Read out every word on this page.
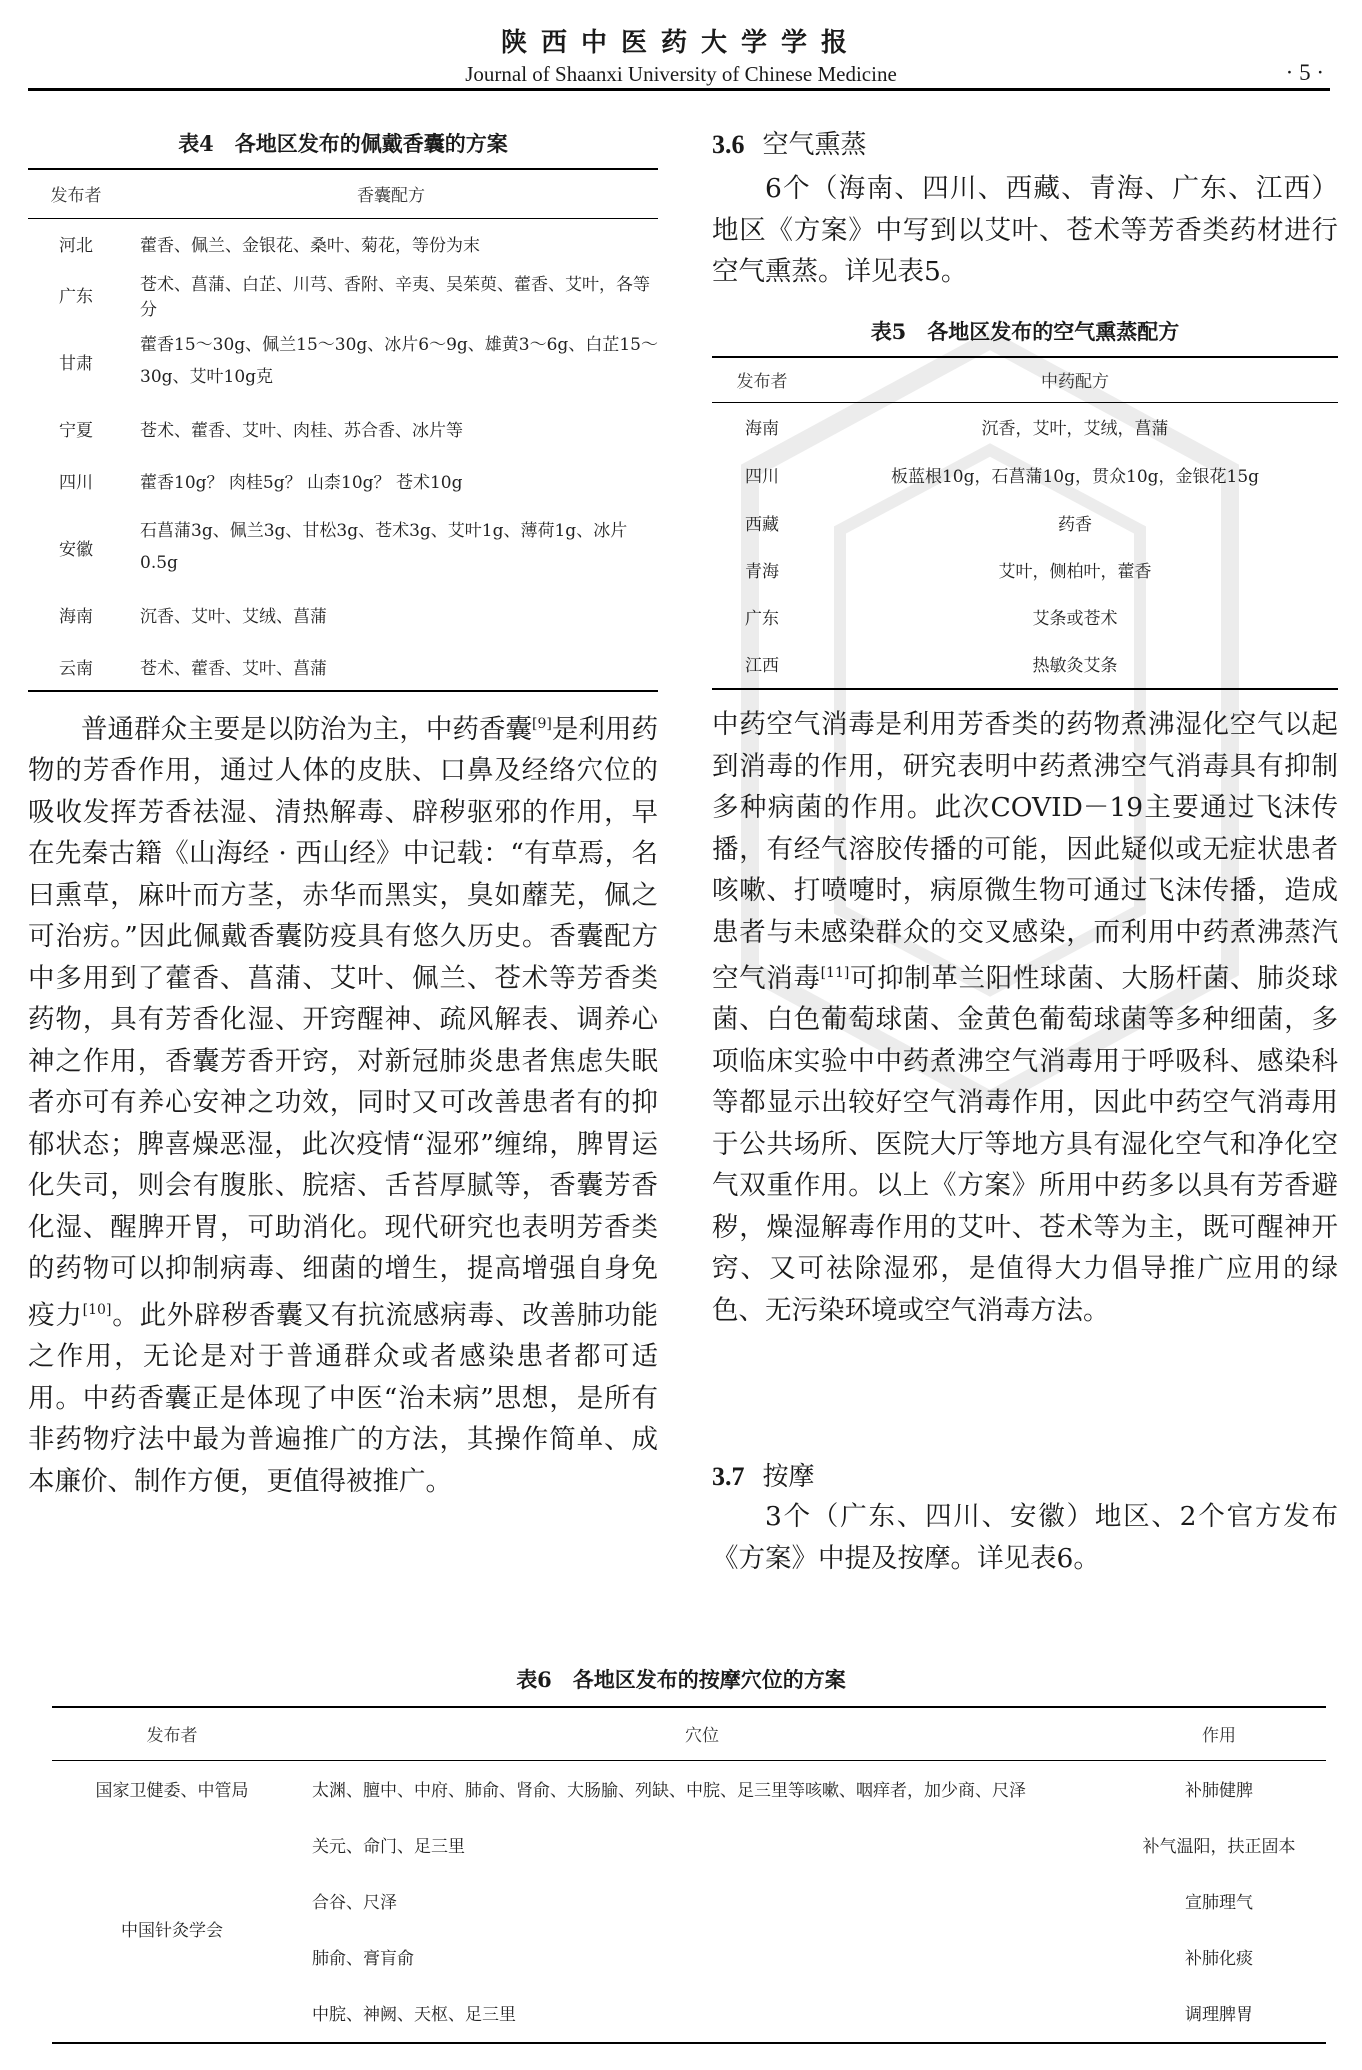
陕西中医药大学学报
Journal of Shaanxi University of Chinese Medicine	· 5 ·
表4　各地区发布的佩戴香囊的方案
发布者	香囊配方
河北	藿香、佩兰、金银花、桑叶、菊花，等份为末
广东	苍术、菖蒲、白芷、川芎、香附、辛夷、吴茱萸、藿香、艾叶，各等分
甘肃	藿香15～30g、佩兰15～30g、冰片6～9g、雄黄3～6g、白芷15～30g、艾叶10g克
宁夏	苍术、藿香、艾叶、肉桂、苏合香、冰片等
四川	藿香10g？ 肉桂5g？ 山柰10g？ 苍术10g
安徽	石菖蒲3g、佩兰3g、甘松3g、苍术3g、艾叶1g、薄荷1g、冰片0.5g
海南	沉香、艾叶、艾绒、菖蒲
云南	苍术、藿香、艾叶、菖蒲
普通群众主要是以防治为主，中药香囊[9]是利用药物的芳香作用，通过人体的皮肤、口鼻及经络穴位的吸收发挥芳香祛湿、清热解毒、辟秽驱邪的作用，早在先秦古籍《山海经 · 西山经》中记载：“有草焉，名曰熏草，麻叶而方茎，赤华而黑实，臭如蘼芜，佩之可治疠。”因此佩戴香囊防疫具有悠久历史。香囊配方中多用到了藿香、菖蒲、艾叶、佩兰、苍术等芳香类药物，具有芳香化湿、开窍醒神、疏风解表、调养心神之作用，香囊芳香开窍，对新冠肺炎患者焦虑失眠者亦可有养心安神之功效，同时又可改善患者有的抑郁状态；脾喜燥恶湿，此次疫情“湿邪”缠绵，脾胃运化失司，则会有腹胀、脘痞、舌苔厚腻等，香囊芳香化湿、醒脾开胃，可助消化。现代研究也表明芳香类的药物可以抑制病毒、细菌的增生，提高增强自身免疫力[10]。此外辟秽香囊又有抗流感病毒、改善肺功能之作用，无论是对于普通群众或者感染患者都可适用。中药香囊正是体现了中医“治未病”思想，是所有非药物疗法中最为普遍推广的方法，其操作简单、成本廉价、制作方便，更值得被推广。
3.6 空气熏蒸
6个（海南、四川、西藏、青海、广东、江西）地区《方案》中写到以艾叶、苍术等芳香类药材进行空气熏蒸。详见表5。
表5　各地区发布的空气熏蒸配方
发布者	中药配方
海南	沉香，艾叶，艾绒，菖蒲
四川	板蓝根10g，石菖蒲10g，贯众10g，金银花15g
西藏	药香
青海	艾叶，侧柏叶，藿香
广东	艾条或苍术
江西	热敏灸艾条
中药空气消毒是利用芳香类的药物煮沸湿化空气以起到消毒的作用，研究表明中药煮沸空气消毒具有抑制多种病菌的作用。此次COVID－19主要通过飞沫传播，有经气溶胶传播的可能，因此疑似或无症状患者咳嗽、打喷嚏时，病原微生物可通过飞沫传播，造成患者与未感染群众的交叉感染，而利用中药煮沸蒸汽空气消毒[11]可抑制革兰阳性球菌、大肠杆菌、肺炎球菌、白色葡萄球菌、金黄色葡萄球菌等多种细菌，多项临床实验中中药煮沸空气消毒用于呼吸科、感染科等都显示出较好空气消毒作用，因此中药空气消毒用于公共场所、医院大厅等地方具有湿化空气和净化空气双重作用。以上《方案》所用中药多以具有芳香避秽，燥湿解毒作用的艾叶、苍术等为主，既可醒神开窍、又可祛除湿邪，是值得大力倡导推广应用的绿色、无污染环境或空气消毒方法。
3.7 按摩
3个（广东、四川、安徽）地区、2个官方发布《方案》中提及按摩。详见表6。
表6　各地区发布的按摩穴位的方案
发布者	穴位	作用
国家卫健委、中管局	太渊、膻中、中府、肺俞、肾俞、大肠腧、列缺、中脘、足三里等咳嗽、咽痒者，加少商、尺泽	补肺健脾
中国针灸学会	关元、命门、足三里	补气温阳，扶正固本
	合谷、尺泽	宣肺理气
	肺俞、膏肓俞	补肺化痰
	中脘、神阙、天枢、足三里	调理脾胃
